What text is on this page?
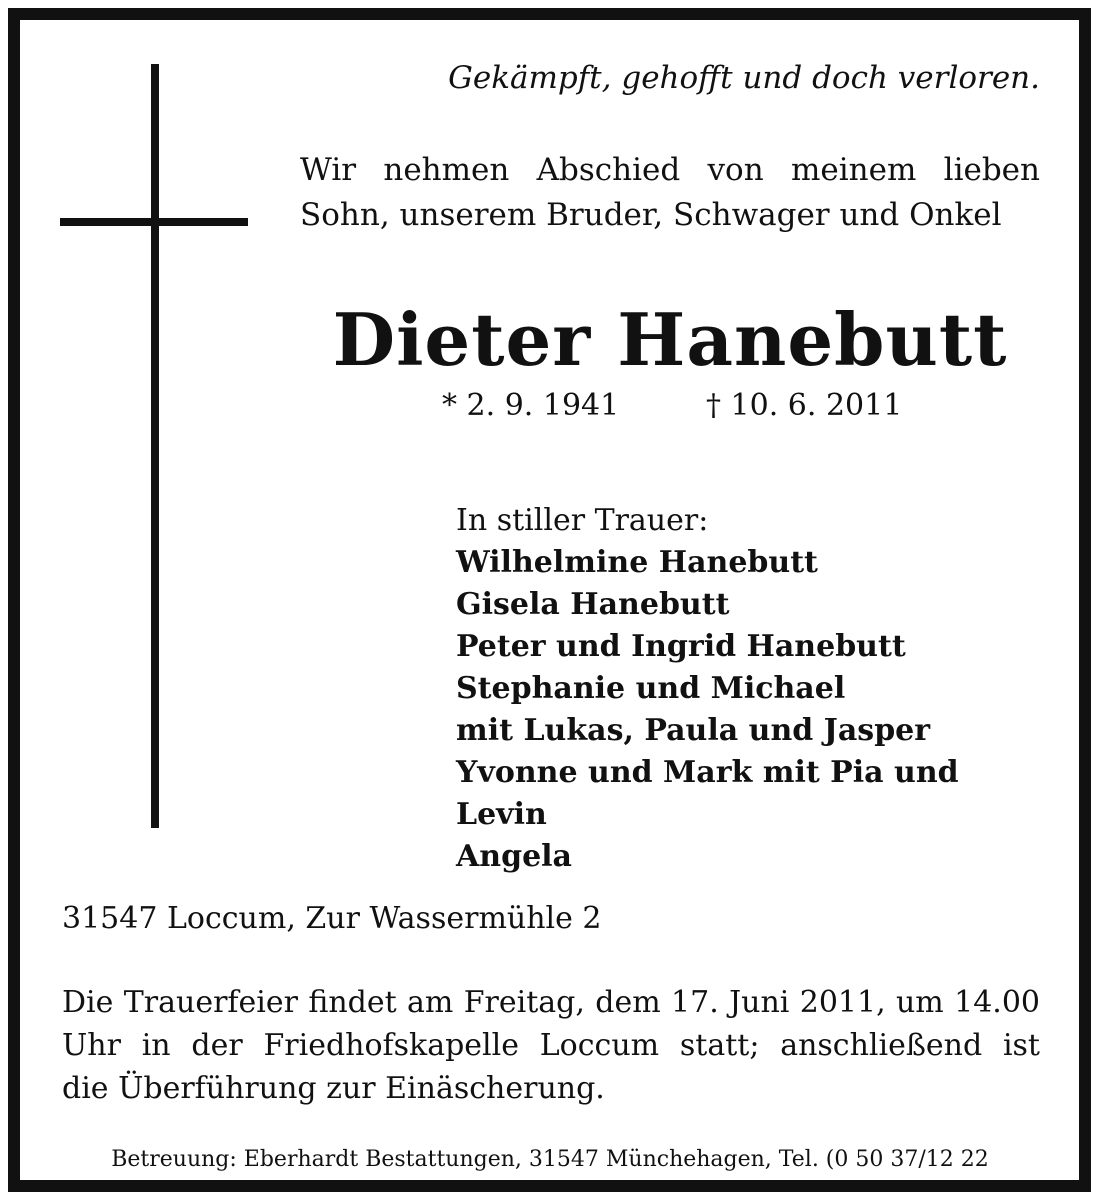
Gekämpft, gehofft und doch verloren.
Wir nehmen Abschied von meinem lieben
Sohn, unserem Bruder, Schwager und Onkel
Dieter Hanebutt
* 2. 9. 1941	† 10. 6. 2011
In stiller Trauer:
Wilhelmine Hanebutt
Gisela Hanebutt
Peter und Ingrid Hanebutt
Stephanie und Michael
mit Lukas, Paula und Jasper
Yvonne und Mark mit Pia und Levin
Angela
31547 Loccum, Zur Wassermühle 2
Die Trauerfeier findet am Freitag, dem 17. Juni 2011, um 14.00
Uhr in der Friedhofskapelle Loccum statt; anschließend ist
die Überführung zur Einäscherung.
Betreuung: Eberhardt Bestattungen, 31547 Münchehagen, Tel. (0 50 37/12 22
